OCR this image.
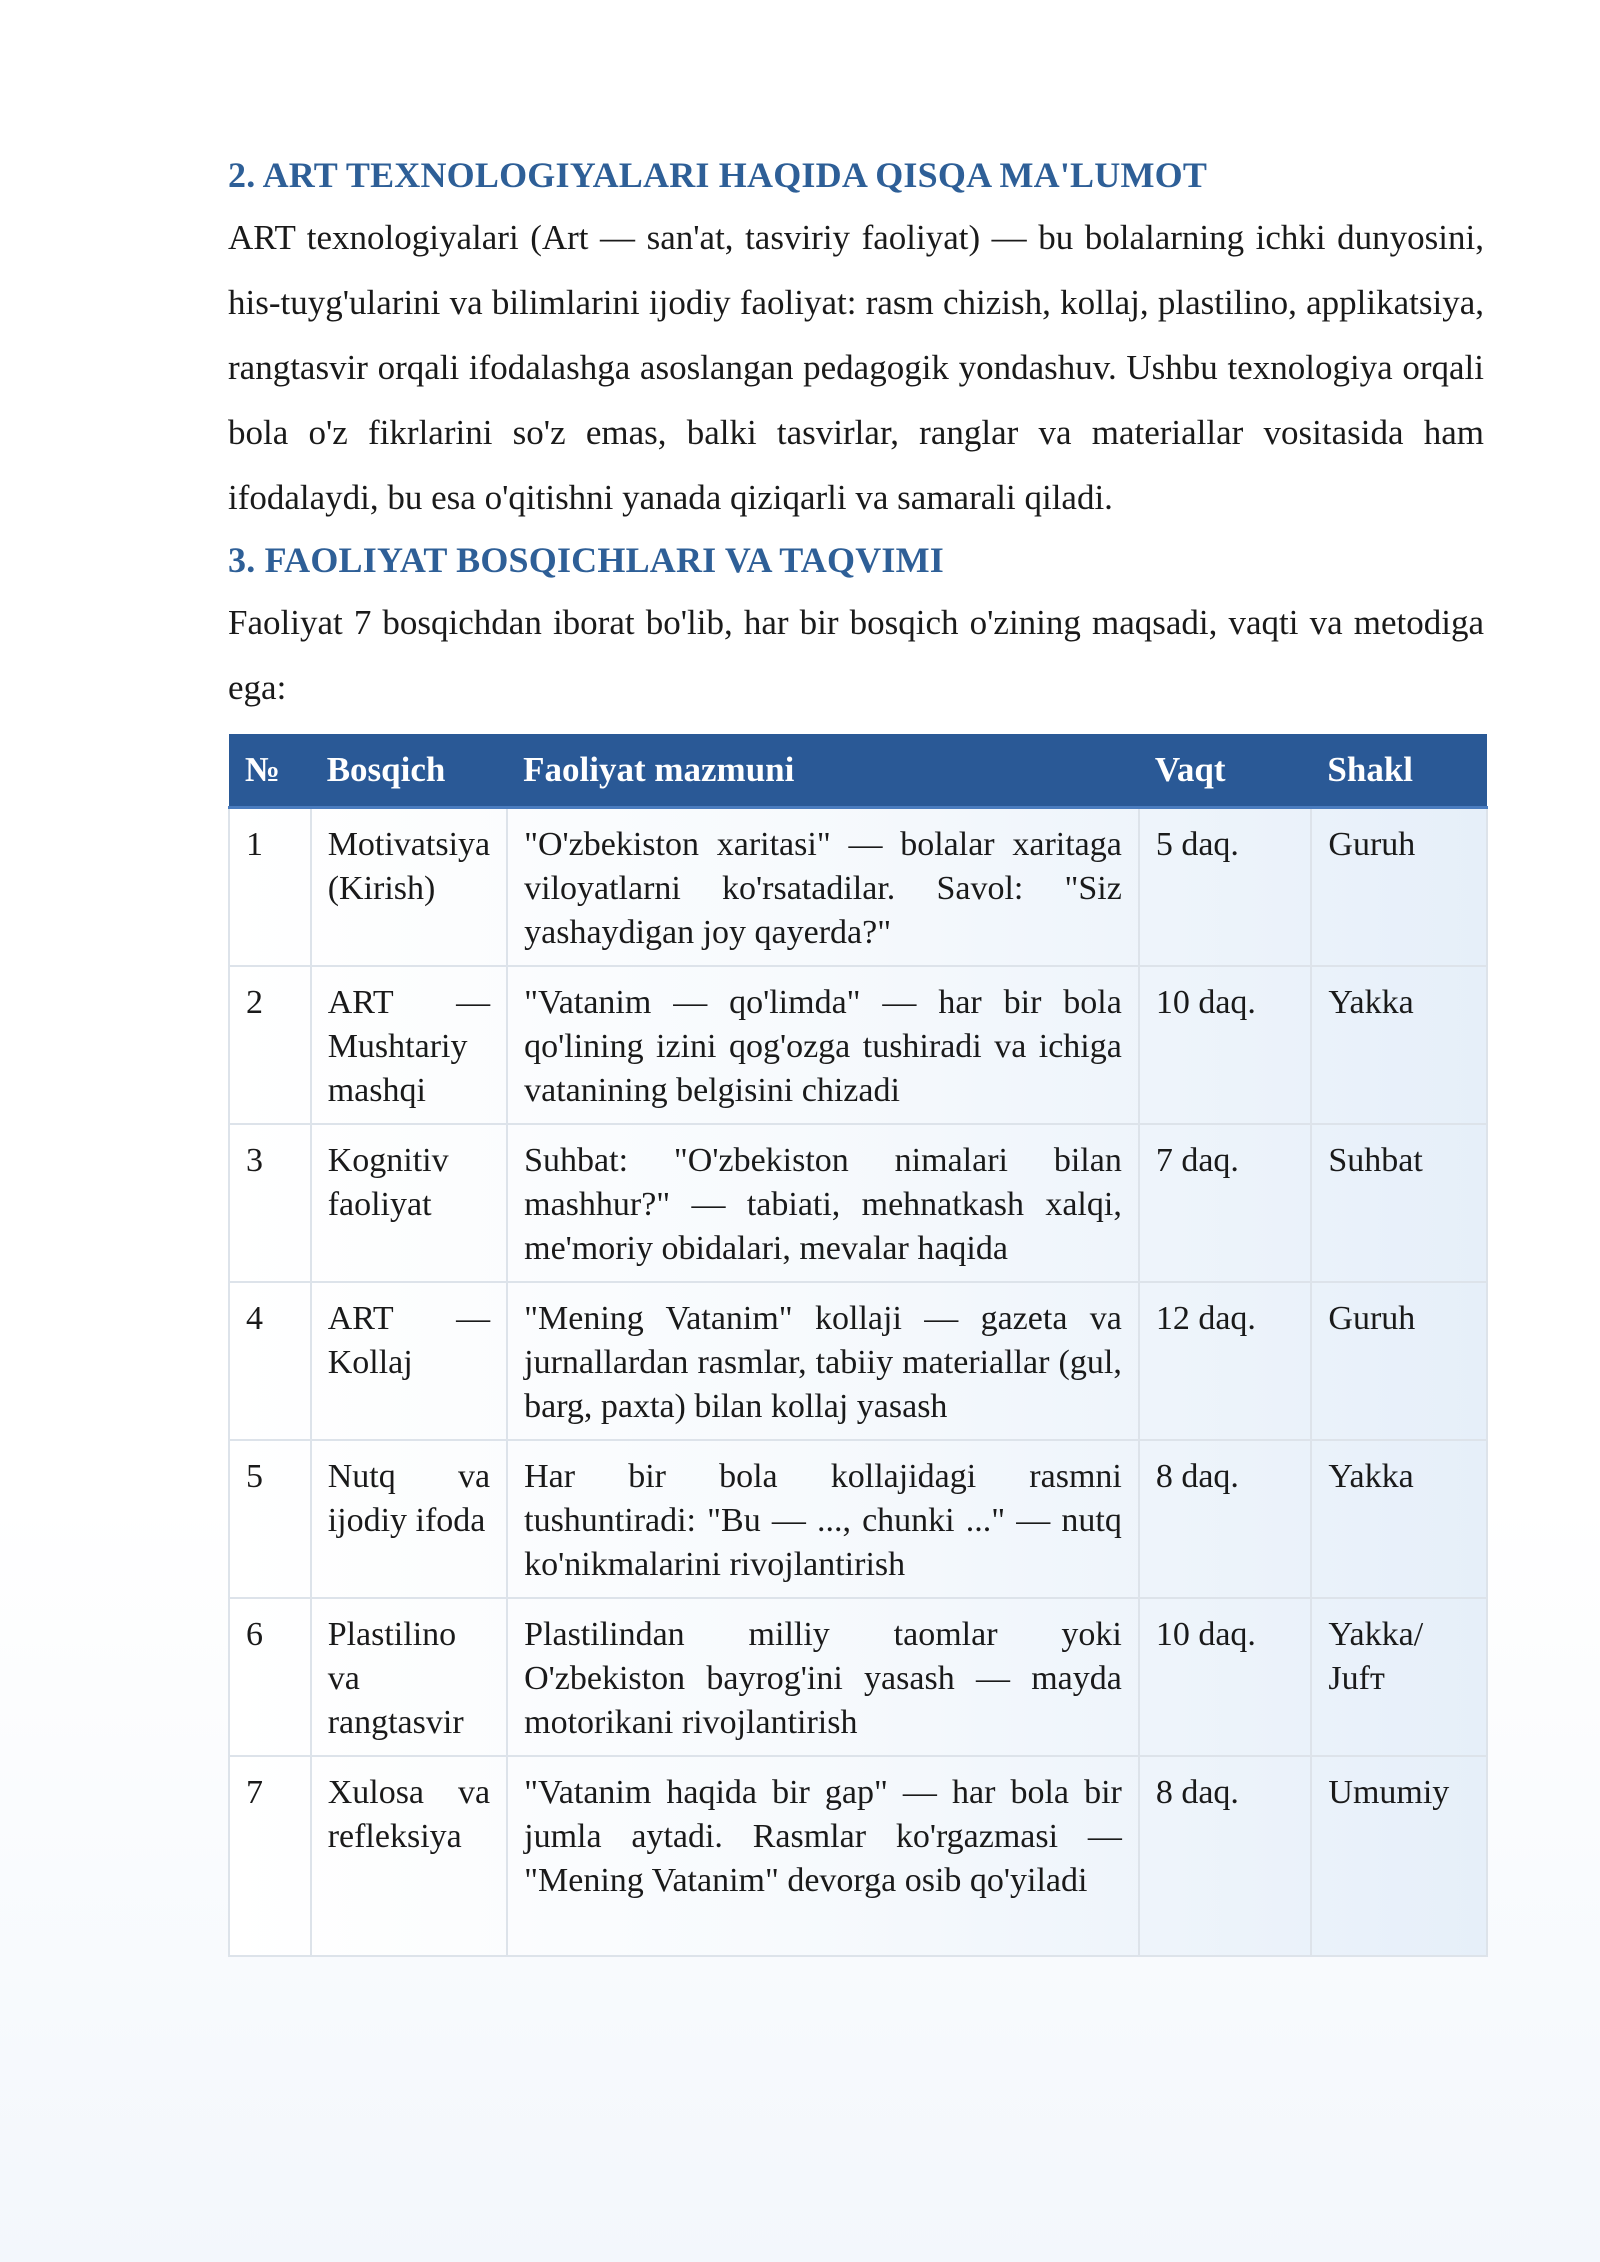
2. ART TEXNOLOGIYALARI HAQIDA QISQA MA'LUMOT

ART texnologiyalari (Art — san'at, tasviriy faoliyat) — bu bolalarning ichki dunyosini, his-tuyg'ularini va bilimlarini ijodiy faoliyat: rasm chizish, kollaj, plastilino, applikatsiya, rangtasvir orqali ifodalashga asoslangan pedagogik yondashuv. Ushbu texnologiya orqali bola o'z fikrlarini so'z emas, balki tasvirlar, ranglar va materiallar vositasida ham ifodalaydi, bu esa o'qitishni yanada qiziqarli va samarali qiladi.

3. FAOLIYAT BOSQICHLARI VA TAQVIMI

Faoliyat 7 bosqichdan iborat bo'lib, har bir bosqich o'zining maqsadi, vaqti va metodiga ega:

№	Bosqich	Faoliyat mazmuni	Vaqt	Shakl
1	Motivatsiya (Kirish)	"O'zbekiston xaritasi" — bolalar xaritaga viloyatlarni ko'rsatadilar. Savol: "Siz yashaydigan joy qayerda?"	5 daq.	Guruh
2	ART — Mushtariy mashqi	"Vatanim — qo'limda" — har bir bola qo'lining izini qog'ozga tushiradi va ichiga vatanining belgisini chizadi	10 daq.	Yakka
3	Kognitiv faoliyat	Suhbat: "O'zbekiston nimalari bilan mashhur?" — tabiati, mehnatkash xalqi, me'moriy obidalari, mevalar haqida	7 daq.	Suhbat
4	ART — Kollaj	"Mening Vatanim" kollaji — gazeta va jurnallardan rasmlar, tabiiy materiallar (gul, barg, paxta) bilan kollaj yasash	12 daq.	Guruh
5	Nutq va ijodiy ifoda	Har bir bola kollajidagi rasmni tushuntiradi: "Bu — ..., chunki ..." — nutq ko'nikmalarini rivojlantirish	8 daq.	Yakka
6	Plastilino va rangtasvir	Plastilindan milliy taomlar yoki O'zbekiston bayrog'ini yasash — mayda motorikani rivojlantirish	10 daq.	Yakka/ Jufт
7	Xulosa va refleksiya	"Vatanim haqida bir gap" — har bola bir jumla aytadi. Rasmlar ko'rgazmasi — "Mening Vatanim" devorga osib qo'yiladi	8 daq.	Umumiy
